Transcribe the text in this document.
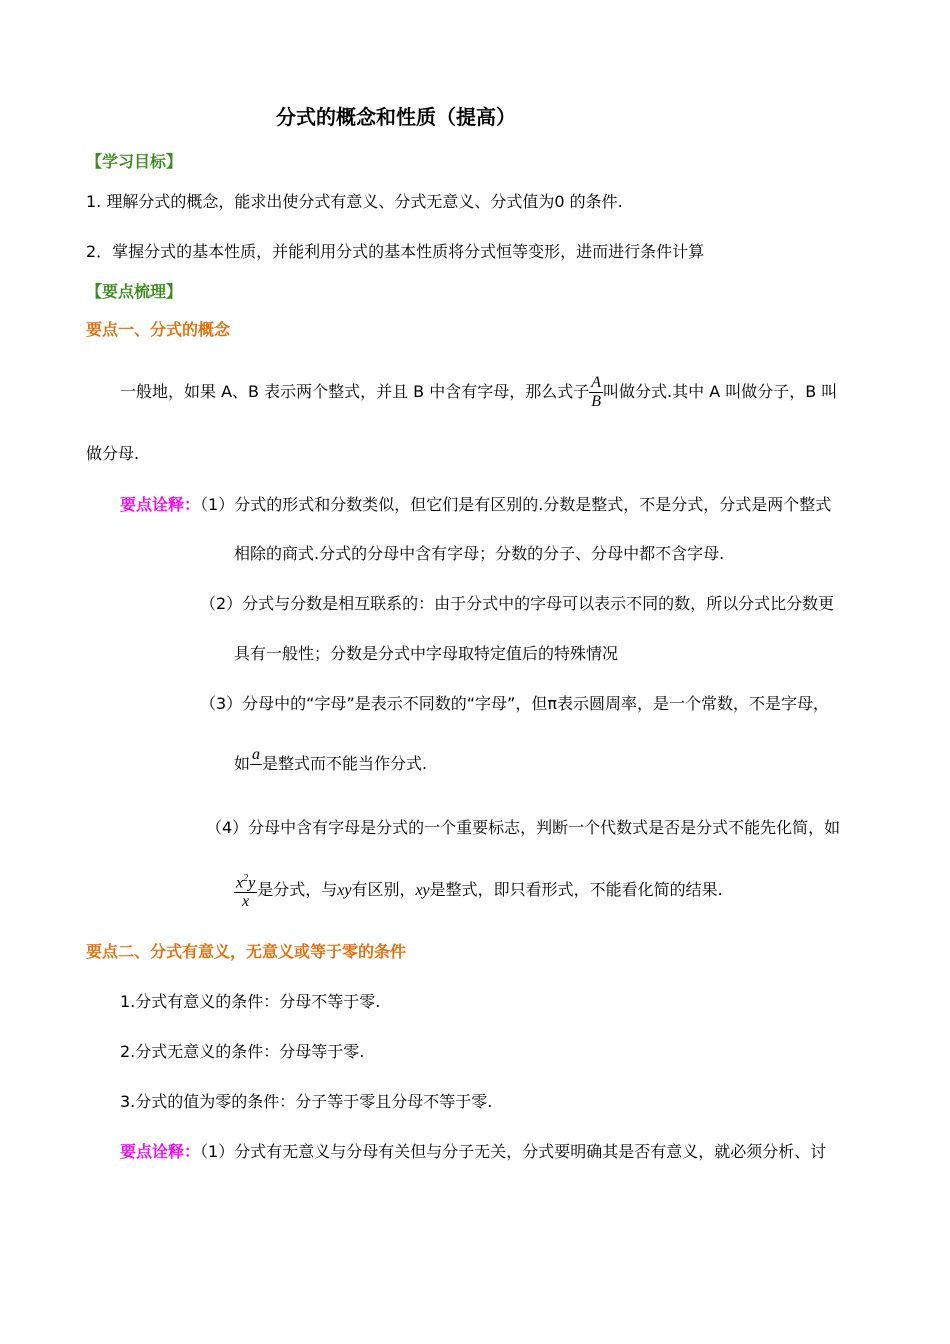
分式的概念和性质（提高）
【学习目标】
1. 理解分式的概念，能求出使分式有意义、分式无意义、分式值为0 的条件.
2．掌握分式的基本性质，并能利用分式的基本性质将分式恒等变形，进而进行条件计算
【要点梳理】
要点一、分式的概念
一般地，如果 A、B 表示两个整式，并且 B 中含有字母，那么式子 $\frac{A}{B}$ 叫做分式.其中 A 叫做分子，B 叫
做分母.
要点诠释：（1）分式的形式和分数类似，但它们是有区别的.分数是整式，不是分式，分式是两个整式
相除的商式.分式的分母中含有字母；分数的分子、分母中都不含字母.
（2）分式与分数是相互联系的：由于分式中的字母可以表示不同的数，所以分式比分数更
具有一般性；分数是分式中字母取特定值后的特殊情况
（3）分母中的“字母”是表示不同数的“字母”，但π表示圆周率，是一个常数，不是字母，
如 a
是整式而不能当作分式.
（4）分母中含有字母是分式的一个重要标志，判断一个代数式是否是分式不能先化简，如
$\frac{x^2y}{x}$ 是分式，与xy有区别，xy是整式，即只看形式，不能看化简的结果.
要点二、分式有意义，无意义或等于零的条件
1.分式有意义的条件：分母不等于零.
2.分式无意义的条件：分母等于零.
3.分式的值为零的条件：分子等于零且分母不等于零.
要点诠释：（1）分式有无意义与分母有关但与分子无关，分式要明确其是否有意义，就必须分析、讨
